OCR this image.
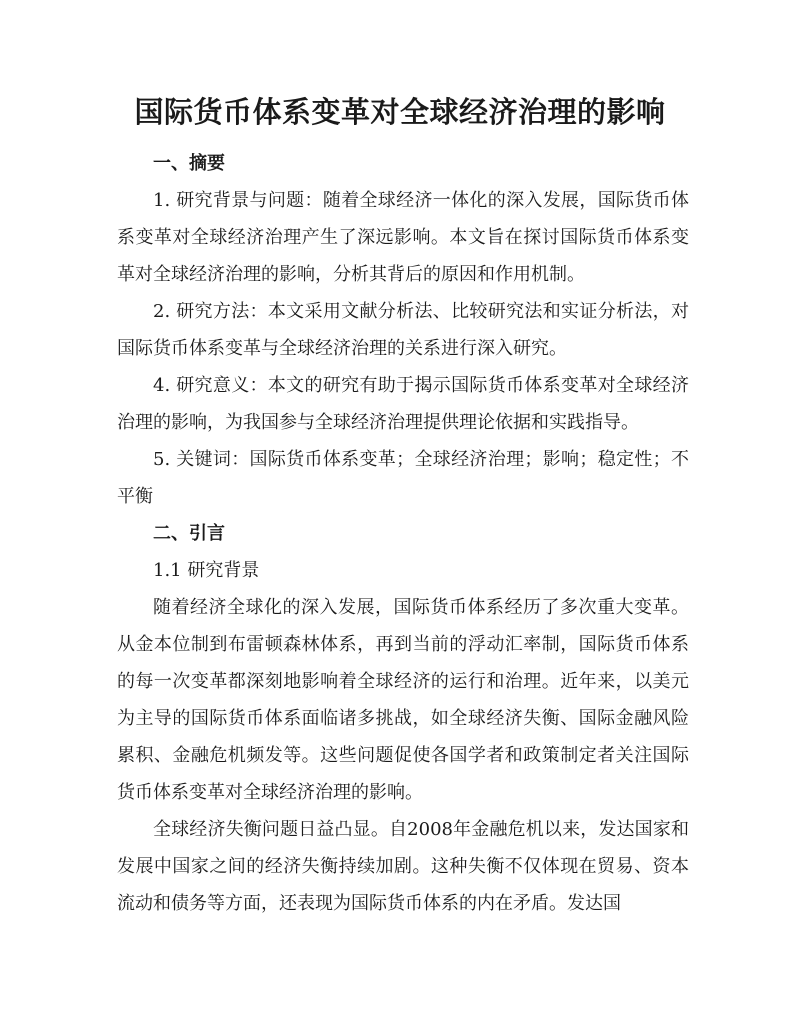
国际货币体系变革对全球经济治理的影响

一、摘要

1. 研究背景与问题：随着全球经济一体化的深入发展，国际货币体系变革对全球经济治理产生了深远影响。本文旨在探讨国际货币体系变革对全球经济治理的影响，分析其背后的原因和作用机制。

2. 研究方法：本文采用文献分析法、比较研究法和实证分析法，对国际货币体系变革与全球经济治理的关系进行深入研究。

4. 研究意义：本文的研究有助于揭示国际货币体系变革对全球经济治理的影响，为我国参与全球经济治理提供理论依据和实践指导。

5. 关键词：国际货币体系变革；全球经济治理；影响；稳定性；不平衡

二、引言

1.1 研究背景

随着经济全球化的深入发展，国际货币体系经历了多次重大变革。从金本位制到布雷顿森林体系，再到当前的浮动汇率制，国际货币体系的每一次变革都深刻地影响着全球经济的运行和治理。近年来，以美元为主导的国际货币体系面临诸多挑战，如全球经济失衡、国际金融风险累积、金融危机频发等。这些问题促使各国学者和政策制定者关注国际货币体系变革对全球经济治理的影响。

全球经济失衡问题日益凸显。自2008年金融危机以来，发达国家和发展中国家之间的经济失衡持续加剧。这种失衡不仅体现在贸易、资本流动和债务等方面，还表现为国际货币体系的内在矛盾。发达国
